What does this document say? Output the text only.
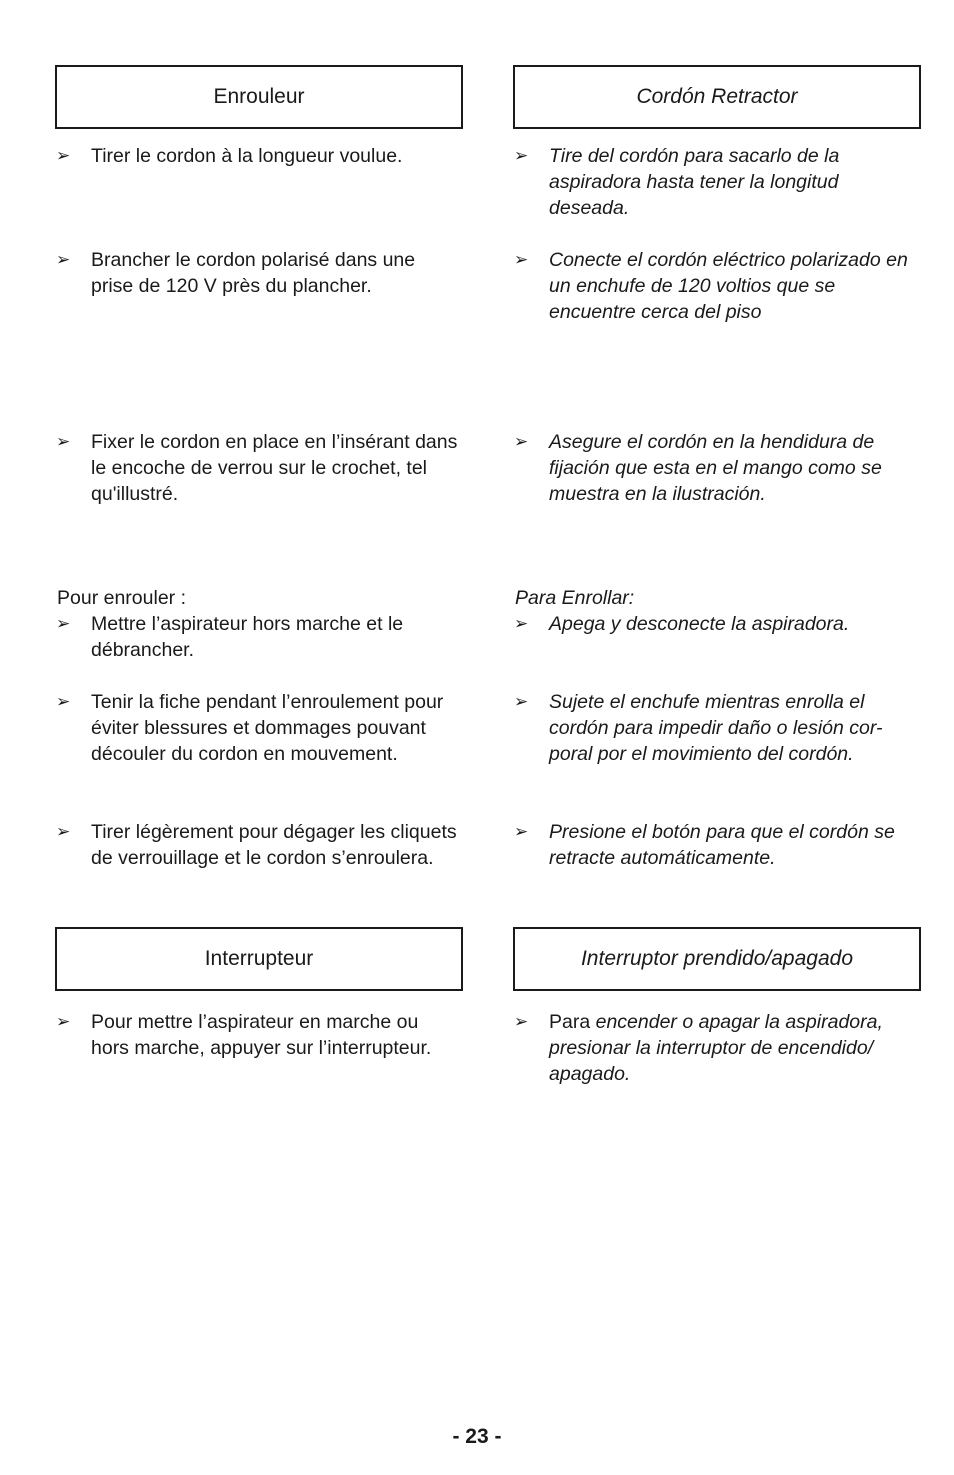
Enrouleur
➢ Tirer le cordon à la longueur voulue.
➢ Brancher le cordon polarisé dans une prise de 120 V près du plancher.
➢ Fixer le cordon en place en l’insérant dans le encoche de verrou sur le crochet, tel qu'illustré.
Pour enrouler :
➢ Mettre l’aspirateur hors marche et le débrancher.
➢ Tenir la fiche pendant l’enroulement pour éviter blessures et dommages pouvant découler du cordon en mouvement.
➢ Tirer légèrement pour dégager les cliquets de verrouillage et le cordon s’enroulera.
Interrupteur
➢ Pour mettre l’aspirateur en marche ou hors marche, appuyer sur l’interrupteur.
Cordón Retractor
➢ Tire del cordón para sacarlo de la aspiradora hasta tener la longitud deseada.
➢ Conecte el cordón eléctrico polarizado en un enchufe de 120 voltios que se encuentre cerca del piso
➢ Asegure el cordón en la hendidura de fijación que esta en el mango como se muestra en la ilustración.
Para Enrollar:
➢ Apega y desconecte la aspiradora.
➢ Sujete el enchufe mientras enrolla el cordón para impedir daño o lesión cor-poral por el movimiento del cordón.
➢ Presione el botón para que el cordón se retracte automáticamente.
Interruptor prendido/apagado
➢ Para encender o apagar la aspiradora, presionar la interruptor de encendido/ apagado.
- 23 -
